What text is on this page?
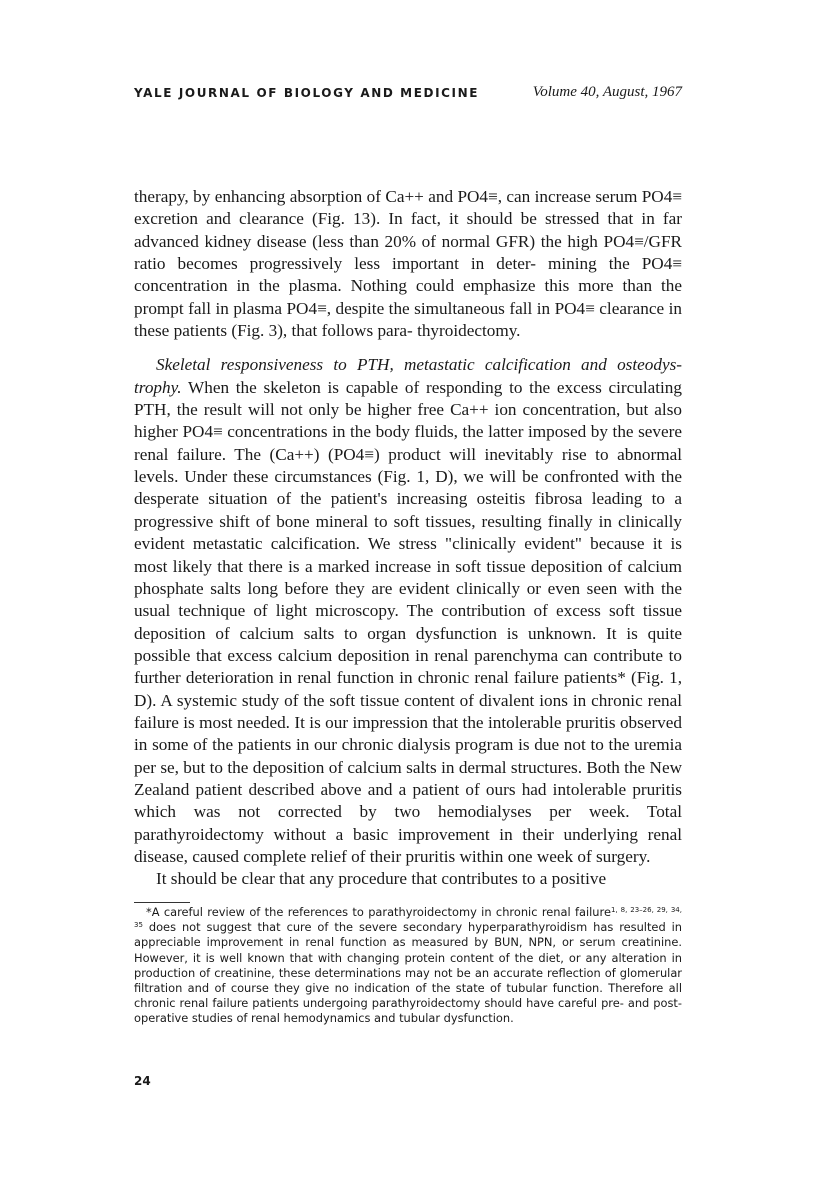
YALE JOURNAL OF BIOLOGY AND MEDICINE	Volume 40, August, 1967

therapy, by enhancing absorption of Ca++ and PO4≡, can increase serum PO4≡ excretion and clearance (Fig. 13). In fact, it should be stressed that in far advanced kidney disease (less than 20% of normal GFR) the high PO4≡/GFR ratio becomes progressively less important in deter- mining the PO4≡ concentration in the plasma. Nothing could emphasize this more than the prompt fall in plasma PO4≡, despite the simultaneous fall in PO4≡ clearance in these patients (Fig. 3), that follows para- thyroidectomy.

Skeletal responsiveness to PTH, metastatic calcification and osteodys-trophy. When the skeleton is capable of responding to the excess circulating PTH, the result will not only be higher free Ca++ ion concentration, but also higher PO4≡ concentrations in the body fluids, the latter imposed by the severe renal failure. The (Ca++) (PO4≡) product will inevitably rise to abnormal levels. Under these circumstances (Fig. 1, D), we will be confronted with the desperate situation of the patient's increasing osteitis fibrosa leading to a progressive shift of bone mineral to soft tissues, resulting finally in clinically evident metastatic calcification. We stress "clinically evident" because it is most likely that there is a marked increase in soft tissue deposition of calcium phosphate salts long before they are evident clinically or even seen with the usual technique of light microscopy. The contribution of excess soft tissue deposition of calcium salts to organ dysfunction is unknown. It is quite possible that excess calcium deposition in renal parenchyma can contribute to further deterioration in renal function in chronic renal failure patients* (Fig. 1, D). A systemic study of the soft tissue content of divalent ions in chronic renal failure is most needed. It is our impression that the intolerable pruritis observed in some of the patients in our chronic dialysis program is due not to the uremia per se, but to the deposition of calcium salts in dermal structures. Both the New Zealand patient described above and a patient of ours had intolerable pruritis which was not corrected by two hemodialyses per week. Total parathyroidectomy without a basic improvement in their underlying renal disease, caused complete relief of their pruritis within one week of surgery.

It should be clear that any procedure that contributes to a positive

*A careful review of the references to parathyroidectomy in chronic renal failure$^{1, 8, 23-26, 29, 34, 35}$ does not suggest that cure of the severe secondary hyperparathyroidism has resulted in appreciable improvement in renal function as measured by BUN, NPN, or serum creatinine. However, it is well known that with changing protein content of the diet, or any alteration in production of creatinine, these determinations may not be an accurate reflection of glomerular filtration and of course they give no indication of the state of tubular function. Therefore all chronic renal failure patients undergoing parathyroidectomy should have careful pre- and post-operative studies of renal hemodynamics and tubular dysfunction.

24
